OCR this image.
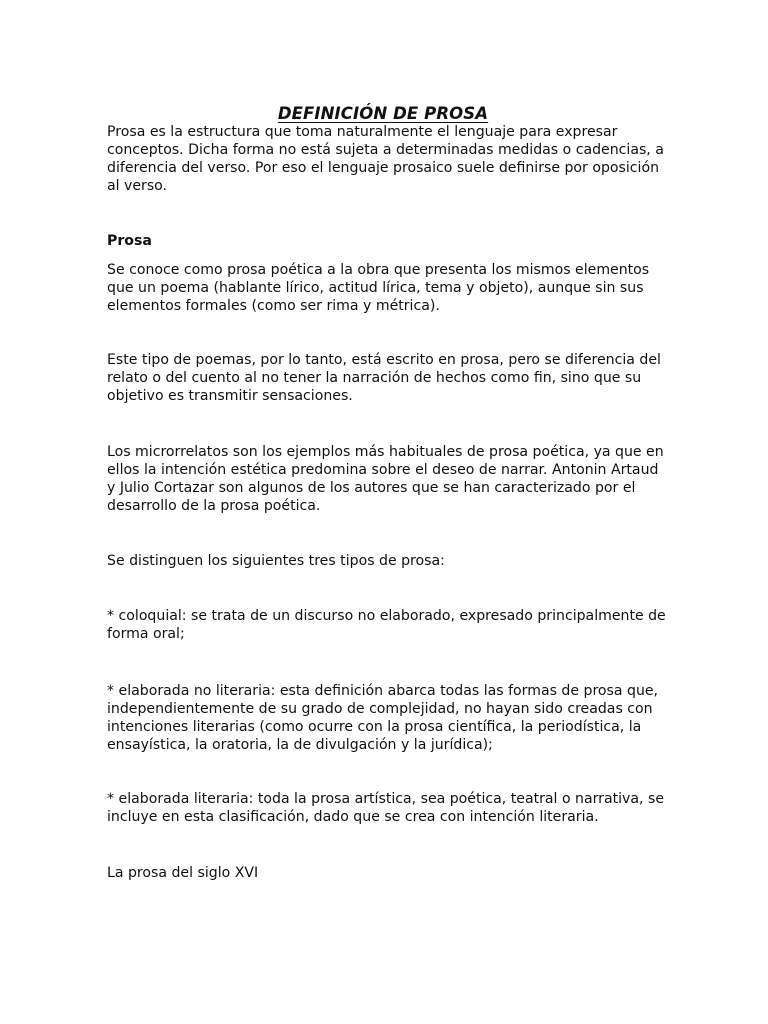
DEFINICIÓN DE PROSA

Prosa es la estructura que toma naturalmente el lenguaje para expresar conceptos. Dicha forma no está sujeta a determinadas medidas o cadencias, a diferencia del verso. Por eso el lenguaje prosaico suele definirse por oposición al verso.

Prosa

Se conoce como prosa poética a la obra que presenta los mismos elementos que un poema (hablante lírico, actitud lírica, tema y objeto), aunque sin sus elementos formales (como ser rima y métrica).

Este tipo de poemas, por lo tanto, está escrito en prosa, pero se diferencia del relato o del cuento al no tener la narración de hechos como fin, sino que su objetivo es transmitir sensaciones.

Los microrrelatos son los ejemplos más habituales de prosa poética, ya que en ellos la intención estética predomina sobre el deseo de narrar. Antonin Artaud y Julio Cortazar son algunos de los autores que se han caracterizado por el desarrollo de la prosa poética.

Se distinguen los siguientes tres tipos de prosa:

* coloquial: se trata de un discurso no elaborado, expresado principalmente de forma oral;

* elaborada no literaria: esta definición abarca todas las formas de prosa que, independientemente de su grado de complejidad, no hayan sido creadas con intenciones literarias (como ocurre con la prosa científica, la periodística, la ensayística, la oratoria, la de divulgación y la jurídica);

* elaborada literaria: toda la prosa artística, sea poética, teatral o narrativa, se incluye en esta clasificación, dado que se crea con intención literaria.

La prosa del siglo XVI
